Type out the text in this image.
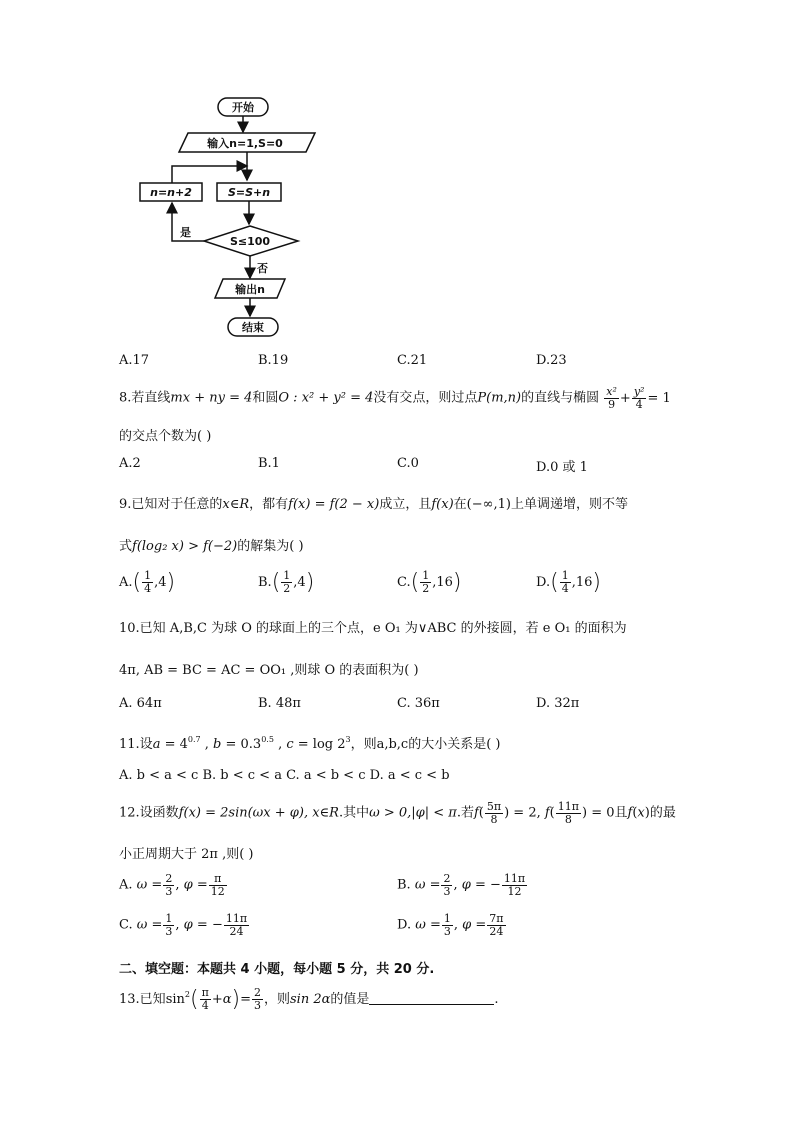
开始
输入n=1,S=0
n=n+2	S=S+n
S≤100
是
否
输出n
结束
A.17	B.19	C.21	D.23
8.若直线mx + ny = 4和圆O : x² + y² = 4没有交点，则过点P(m,n)的直线与椭圆 $\frac{\text{x²}}{9} + \frac{\text{y²}}{4} = 1$
的交点个数为( )
A.2	B.1	C.0	D.0 或 1
9.已知对于任意的x∈R，都有f(x) = f(2 − x)成立，且f(x)在(−∞,1)上单调递增，则不等
式f(log₂ x) > f(−2)的解集为( )
$A.( \frac{1}{4} ,4)$	$B.( \frac{1}{2} ,4)$	$C.( \frac{1}{2} ,16)$	$D.( \frac{1}{4} ,16)$
10.已知 A,B,C 为球 O 的球面上的三个点，e O₁ 为∨ABC 的外接圆，若 e O₁ 的面积为
4π, AB = BC = AC = OO₁ ,则球 O 的表面积为( )
A. 64π	B. 48π	C. 36π	D. 32π
11.设$a = 4^{0.7}$ , $b = 0.3^{0.5}$ , $c = \log 2^3$，则a,b,c的大小关系是( )
A. b < a < c B. b < c < a C. a < b < c D. a < c < b
12.设函数f(x) = 2sin(ωx + φ), x∈R.其中ω > 0,|φ| < π.若$f( \frac{5\pi}{8}$ ) = 2, $f( \frac{11\pi}{8}$ ) = 0且f(x)的最
小正周期大于 2π ,则( )
A. $\omega = \frac{2}{3}$ , $\varphi = \frac{\pi}{12}$	B. $\omega = \frac{2}{3}$ , φ = − $\frac{11\pi}{12}$
C. $\omega = \frac{1}{3}$ , φ = − $\frac{11\pi}{24}$	D. $\omega = \frac{1}{3}$ , $\varphi = \frac{7\pi}{24}$
二、填空题：本题共 4 小题，每小题 5 分，共 20 分.
13.已知$\sin^2( \frac{\pi}{4} +\alpha)= \frac{2}{3}$ ，则sin 2α的值是	.
